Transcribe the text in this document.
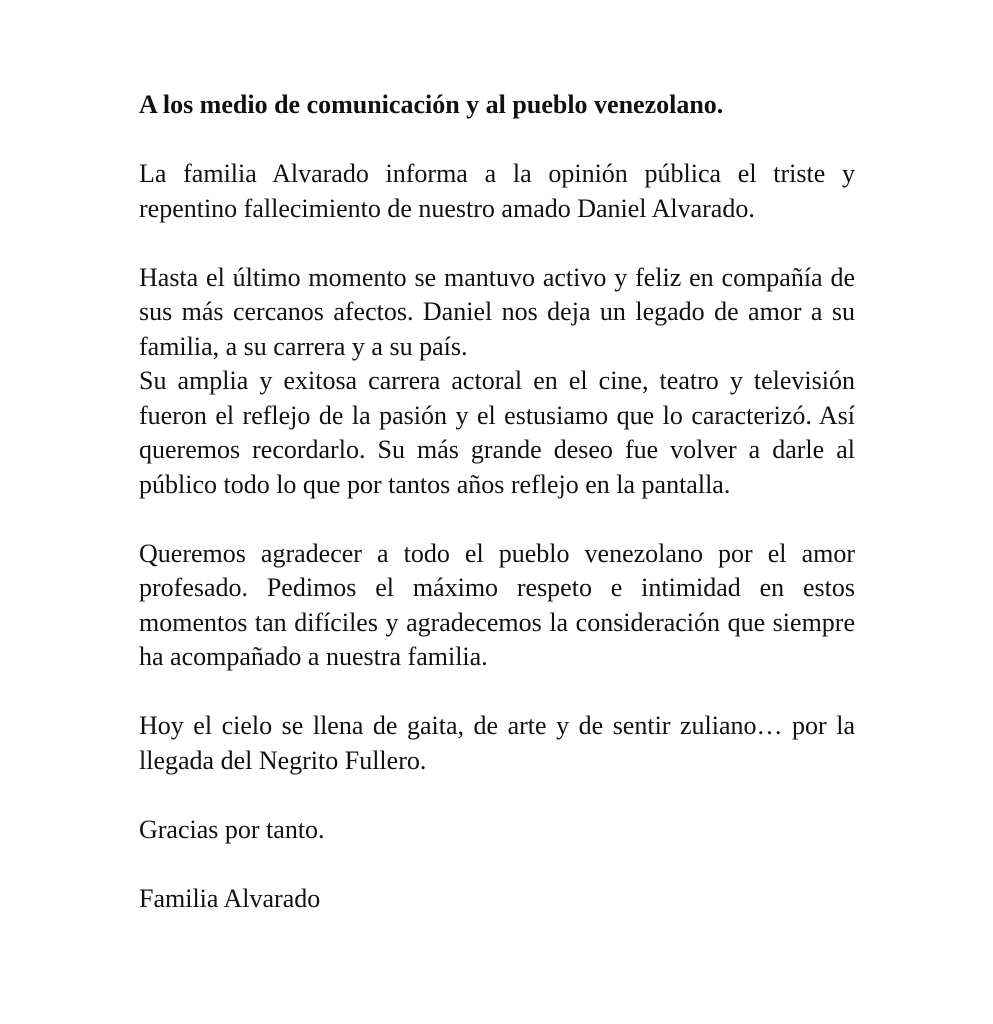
A los medio de comunicación y al pueblo venezolano.

La familia Alvarado informa a la opinión pública el triste y repentino fallecimiento de nuestro amado Daniel Alvarado.

Hasta el último momento se mantuvo activo y feliz en compañía de sus más cercanos afectos. Daniel nos deja un legado de amor a su familia, a su carrera y a su país.

Su amplia y exitosa carrera actoral en el cine, teatro y televisión fueron el reflejo de la pasión y el estusiamo que lo caracterizó. Así queremos recordarlo. Su más grande deseo fue volver a darle al público todo lo que por tantos años reflejo en la pantalla.

Queremos agradecer a todo el pueblo venezolano por el amor profesado. Pedimos el máximo respeto e intimidad en estos momentos tan difíciles y agradecemos la consideración que siempre ha acompañado a nuestra familia.

Hoy el cielo se llena de gaita, de arte y de sentir zuliano… por la llegada del Negrito Fullero.

Gracias por tanto.

Familia Alvarado
